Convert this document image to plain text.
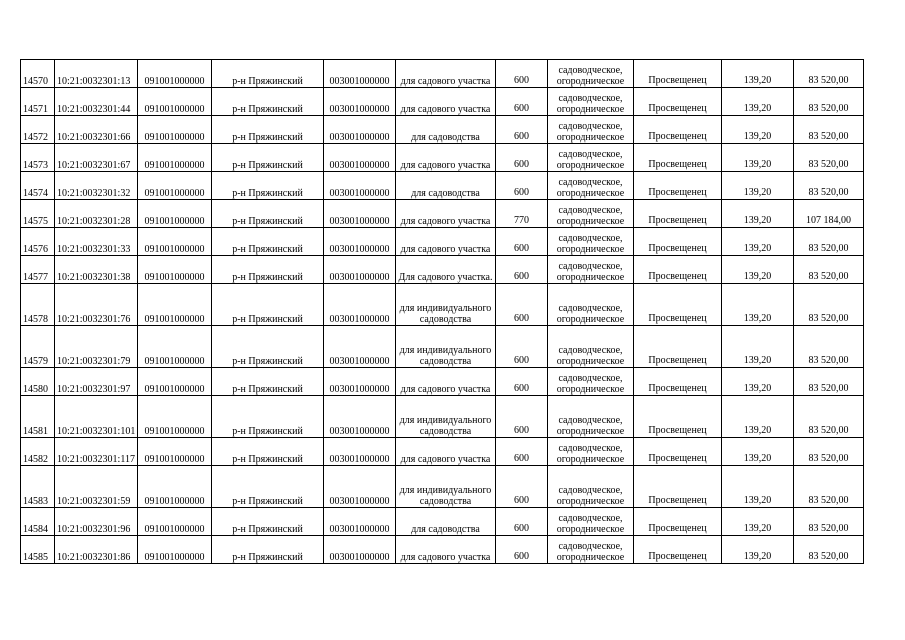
14570	10:21:0032301:13	091001000000	р-н Пряжинский	003001000000	для садового участка	600	садоводческое, огородническое	Просвещенец	139,20	83 520,00
14571	10:21:0032301:44	091001000000	р-н Пряжинский	003001000000	для садового участка	600	садоводческое, огородническое	Просвещенец	139,20	83 520,00
14572	10:21:0032301:66	091001000000	р-н Пряжинский	003001000000	для садоводства	600	садоводческое, огородническое	Просвещенец	139,20	83 520,00
14573	10:21:0032301:67	091001000000	р-н Пряжинский	003001000000	для садового участка	600	садоводческое, огородническое	Просвещенец	139,20	83 520,00
14574	10:21:0032301:32	091001000000	р-н Пряжинский	003001000000	для садоводства	600	садоводческое, огородническое	Просвещенец	139,20	83 520,00
14575	10:21:0032301:28	091001000000	р-н Пряжинский	003001000000	для садового участка	770	садоводческое, огородническое	Просвещенец	139,20	107 184,00
14576	10:21:0032301:33	091001000000	р-н Пряжинский	003001000000	для садового участка	600	садоводческое, огородническое	Просвещенец	139,20	83 520,00
14577	10:21:0032301:38	091001000000	р-н Пряжинский	003001000000	Для садового участка.	600	садоводческое, огородническое	Просвещенец	139,20	83 520,00
14578	10:21:0032301:76	091001000000	р-н Пряжинский	003001000000	для индивидуального садоводства	600	садоводческое, огородническое	Просвещенец	139,20	83 520,00
14579	10:21:0032301:79	091001000000	р-н Пряжинский	003001000000	для индивидуального садоводства	600	садоводческое, огородническое	Просвещенец	139,20	83 520,00
14580	10:21:0032301:97	091001000000	р-н Пряжинский	003001000000	для садового участка	600	садоводческое, огородническое	Просвещенец	139,20	83 520,00
14581	10:21:0032301:101	091001000000	р-н Пряжинский	003001000000	для индивидуального садоводства	600	садоводческое, огородническое	Просвещенец	139,20	83 520,00
14582	10:21:0032301:117	091001000000	р-н Пряжинский	003001000000	для садового участка	600	садоводческое, огородническое	Просвещенец	139,20	83 520,00
14583	10:21:0032301:59	091001000000	р-н Пряжинский	003001000000	для индивидуального садоводства	600	садоводческое, огородническое	Просвещенец	139,20	83 520,00
14584	10:21:0032301:96	091001000000	р-н Пряжинский	003001000000	для садоводства	600	садоводческое, огородническое	Просвещенец	139,20	83 520,00
14585	10:21:0032301:86	091001000000	р-н Пряжинский	003001000000	для садового участка	600	садоводческое, огородническое	Просвещенец	139,20	83 520,00
